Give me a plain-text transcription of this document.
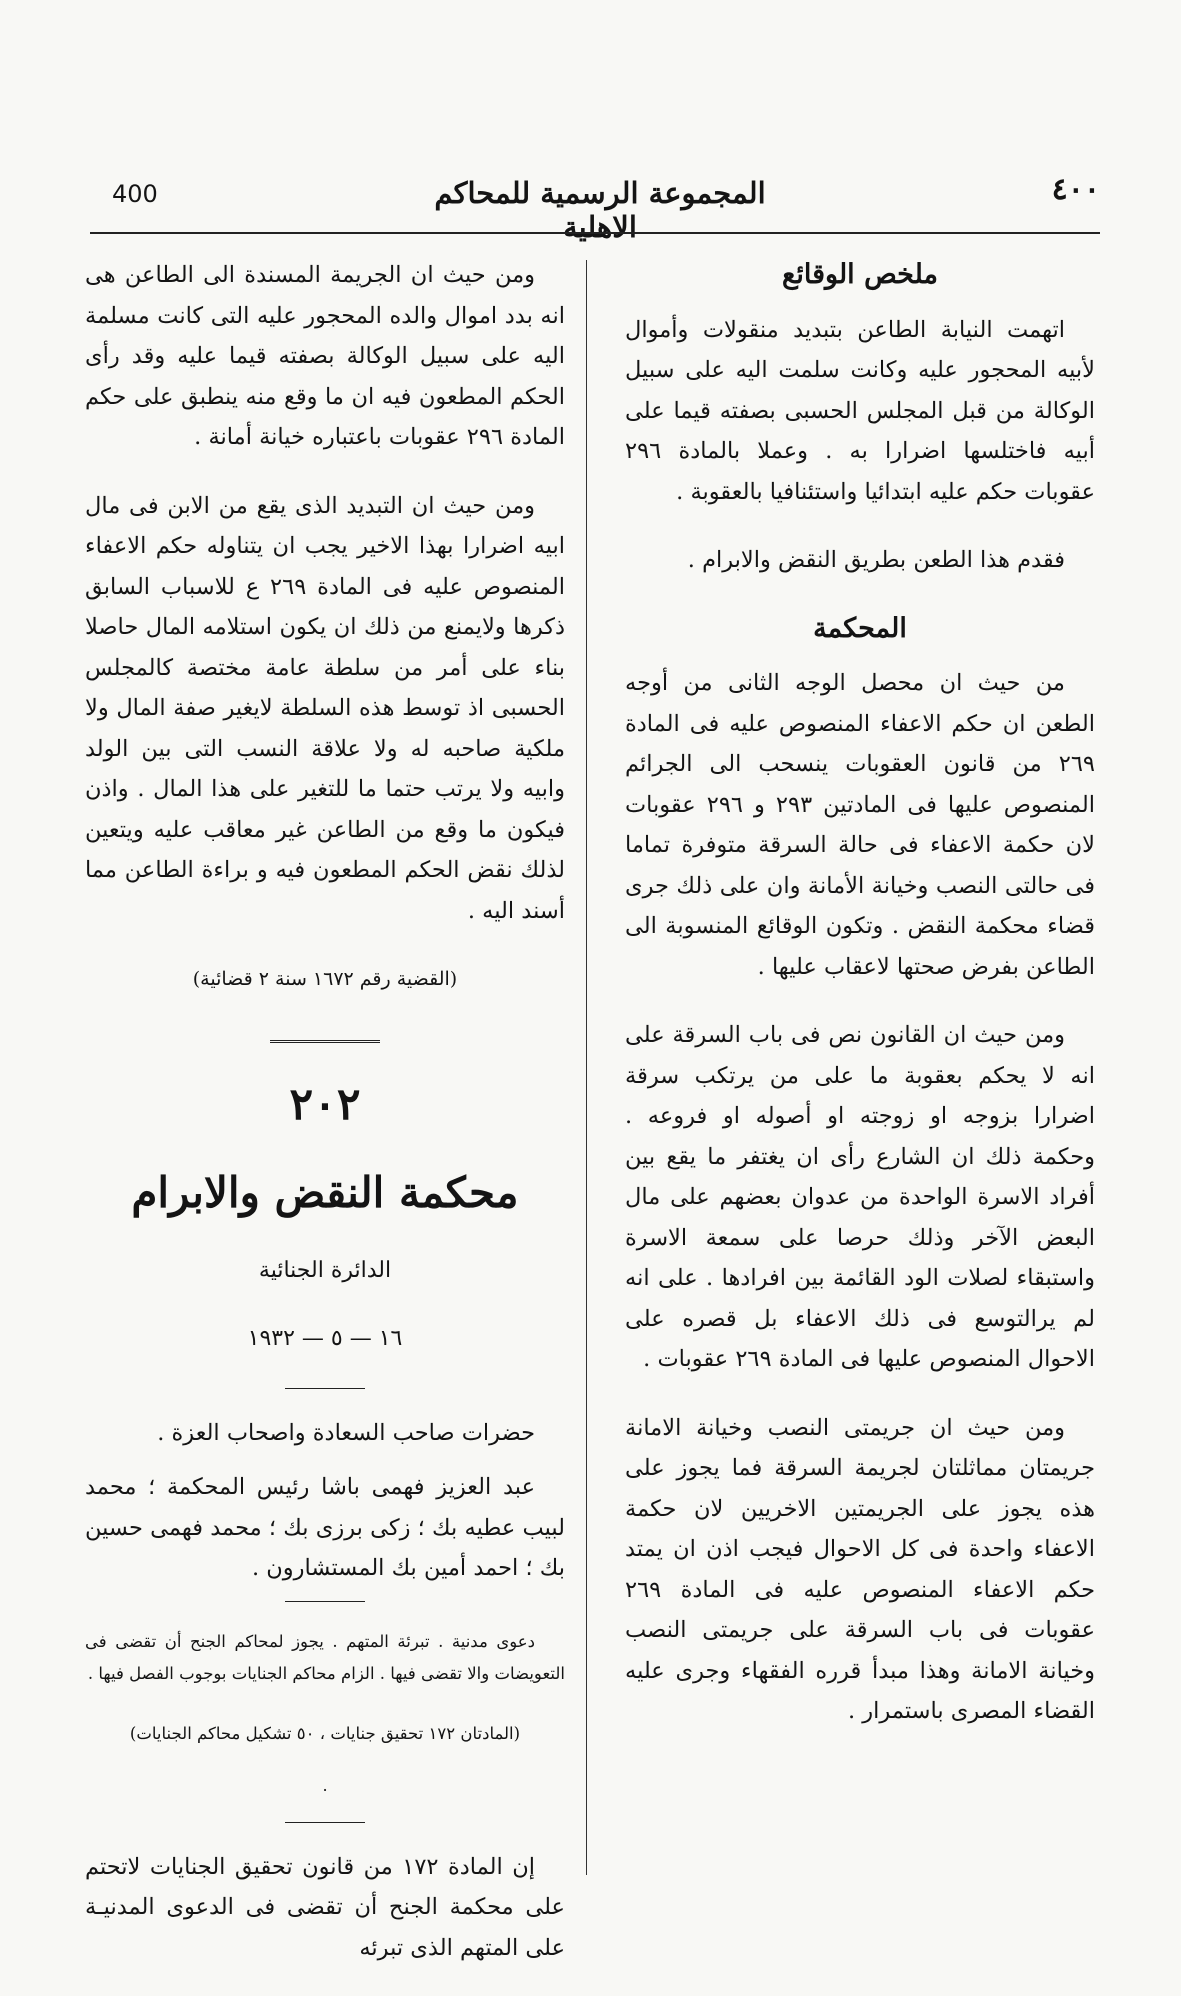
400	المجموعة الرسمية للمحاكم الاهلية
٤٠٠
ملخص الوقائع

اتهمت النيابة الطاعن بتبديد منقولات وأموال لأبيه المحجور عليه وكانت سلمت اليه على سبيل الوكالة من قبل المجلس الحسبى بصفته قيما على أبيه فاختلسها اضرارا به . وعملا بالمادة ٢٩٦ عقوبات حكم عليه ابتدائيا واستئنافيا بالعقوبة .

فقدم هذا الطعن بطريق النقض والابرام .

المحكمة

من حيث ان محصل الوجه الثانى من أوجه الطعن ان حكم الاعفاء المنصوص عليه فى المادة ٢٦٩ من قانون العقوبات ينسحب الى الجرائم المنصوص عليها فى المادتين ٢٩٣ و ٢٩٦ عقوبات لان حكمة الاعفاء فى حالة السرقة متوفرة تماما فى حالتى النصب وخيانة الأمانة وان على ذلك جرى قضاء محكمة النقض . وتكون الوقائع المنسوبة الى الطاعن بفرض صحتها لاعقاب عليها .

ومن حيث ان القانون نص فى باب السرقة على انه لا يحكم بعقوبة ما على من يرتكب سرقة اضرارا بزوجه او زوجته او أصوله او فروعه . وحكمة ذلك ان الشارع رأى ان يغتفر ما يقع بين أفراد الاسرة الواحدة من عدوان بعضهم على مال البعض الآخر وذلك حرصا على سمعة الاسرة واستبقاء لصلات الود القائمة بين افرادها . على انه لم يرالتوسع فى ذلك الاعفاء بل قصره على الاحوال المنصوص عليها فى المادة ٢٦٩ عقوبات .

ومن حيث ان جريمتى النصب وخيانة الامانة جريمتان مماثلتان لجريمة السرقة فما يجوز على هذه يجوز على الجريمتين الاخريين لان حكمة الاعفاء واحدة فى كل الاحوال فيجب اذن ان يمتد حكم الاعفاء المنصوص عليه فى المادة ٢٦٩ عقوبات فى باب السرقة على جريمتى النصب وخيانة الامانة وهذا مبدأ قرره الفقهاء وجرى عليه القضاء المصرى باستمرار .

ومن حيث ان الجريمة المسندة الى الطاعن هى انه بدد اموال والده المحجور عليه التى كانت مسلمة اليه على سبيل الوكالة بصفته قيما عليه وقد رأى الحكم المطعون فيه ان ما وقع منه ينطبق على حكم المادة ٢٩٦ عقوبات باعتباره خيانة أمانة .

ومن حيث ان التبديد الذى يقع من الابن فى مال ابيه اضرارا بهذا الاخير يجب ان يتناوله حكم الاعفاء المنصوص عليه فى المادة ٢٦٩ ع للاسباب السابق ذكرها ولايمنع من ذلك ان يكون استلامه المال حاصلا بناء على أمر من سلطة عامة مختصة كالمجلس الحسبى اذ توسط هذه السلطة لايغير صفة المال ولا ملكية صاحبه له ولا علاقة النسب التى بين الولد وابيه ولا يرتب حتما ما للتغير على هذا المال . واذن فيكون ما وقع من الطاعن غير معاقب عليه ويتعين لذلك نقض الحكم المطعون فيه و براءة الطاعن مما أسند اليه .

(القضية رقم ١٦٧٢ سنة ٢ قضائية)

٢٠٢

محكمة النقض والابرام

الدائرة الجنائية

١٦ — ٥ — ١٩٣٢

حضرات صاحب السعادة واصحاب العزة .

عبد العزيز فهمى باشا رئيس المحكمة ؛ محمد لبيب عطيه بك ؛ زكى برزى بك ؛ محمد فهمى حسين بك ؛ احمد أمين بك المستشارون .

دعوى مدنية . تبرئة المتهم . يجوز لمحاكم الجنح أن تقضى فى التعويضات والا تقضى فيها . الزام محاكم الجنايات بوجوب الفصل فيها .

(المادتان ١٧٢ تحقيق جنايات ، ٥٠ تشكيل محاكم الجنايات)

.

إن المادة ١٧٢ من قانون تحقيق الجنايات لاتحتم على محكمة الجنح أن تقضى فى الدعوى المدنيـة على المتهم الذى تبرئه
